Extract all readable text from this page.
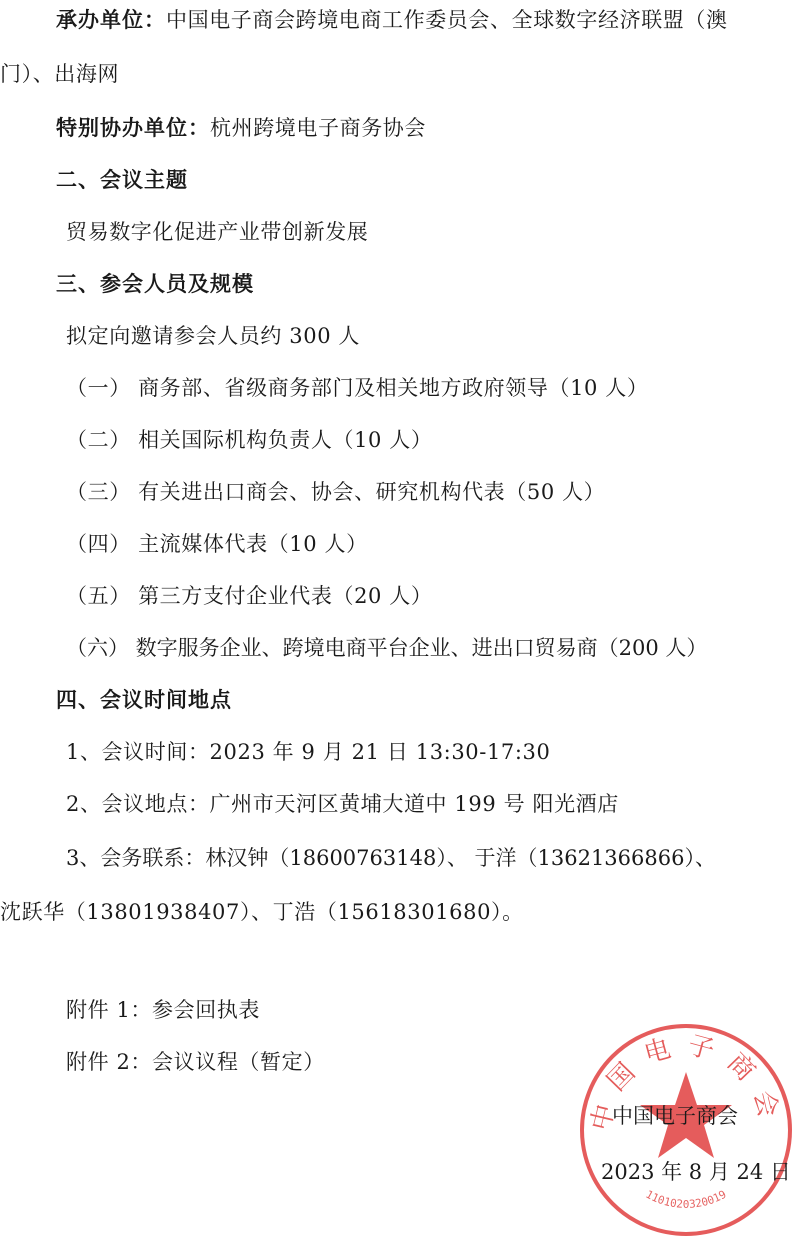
承办单位：中国电子商会跨境电商工作委员会、全球数字经济联盟（澳
门）、出海网
特别协办单位：杭州跨境电子商务协会
二、会议主题
贸易数字化促进产业带创新发展
三、参会人员及规模
拟定向邀请参会人员约 300 人
（一） 商务部、省级商务部门及相关地方政府领导（10 人）
（二） 相关国际机构负责人（10 人）
（三） 有关进出口商会、协会、研究机构代表（50 人）
（四） 主流媒体代表（10 人）
（五） 第三方支付企业代表（20 人）
（六） 数字服务企业、跨境电商平台企业、进出口贸易商（200 人）
四、会议时间地点
1、会议时间：2023 年 9 月 21 日 13:30-17:30
2、会议地点：广州市天河区黄埔大道中 199 号 阳光酒店
3、会务联系：林汉钟（18600763148）、 于洋（13621366866）、
沈跃华（13801938407）、丁浩（15618301680）。
附件 1：参会回执表
附件 2：会议议程（暂定）
中国电子商会
1101020320019
中国电子商会
2023 年 8 月 24 日
